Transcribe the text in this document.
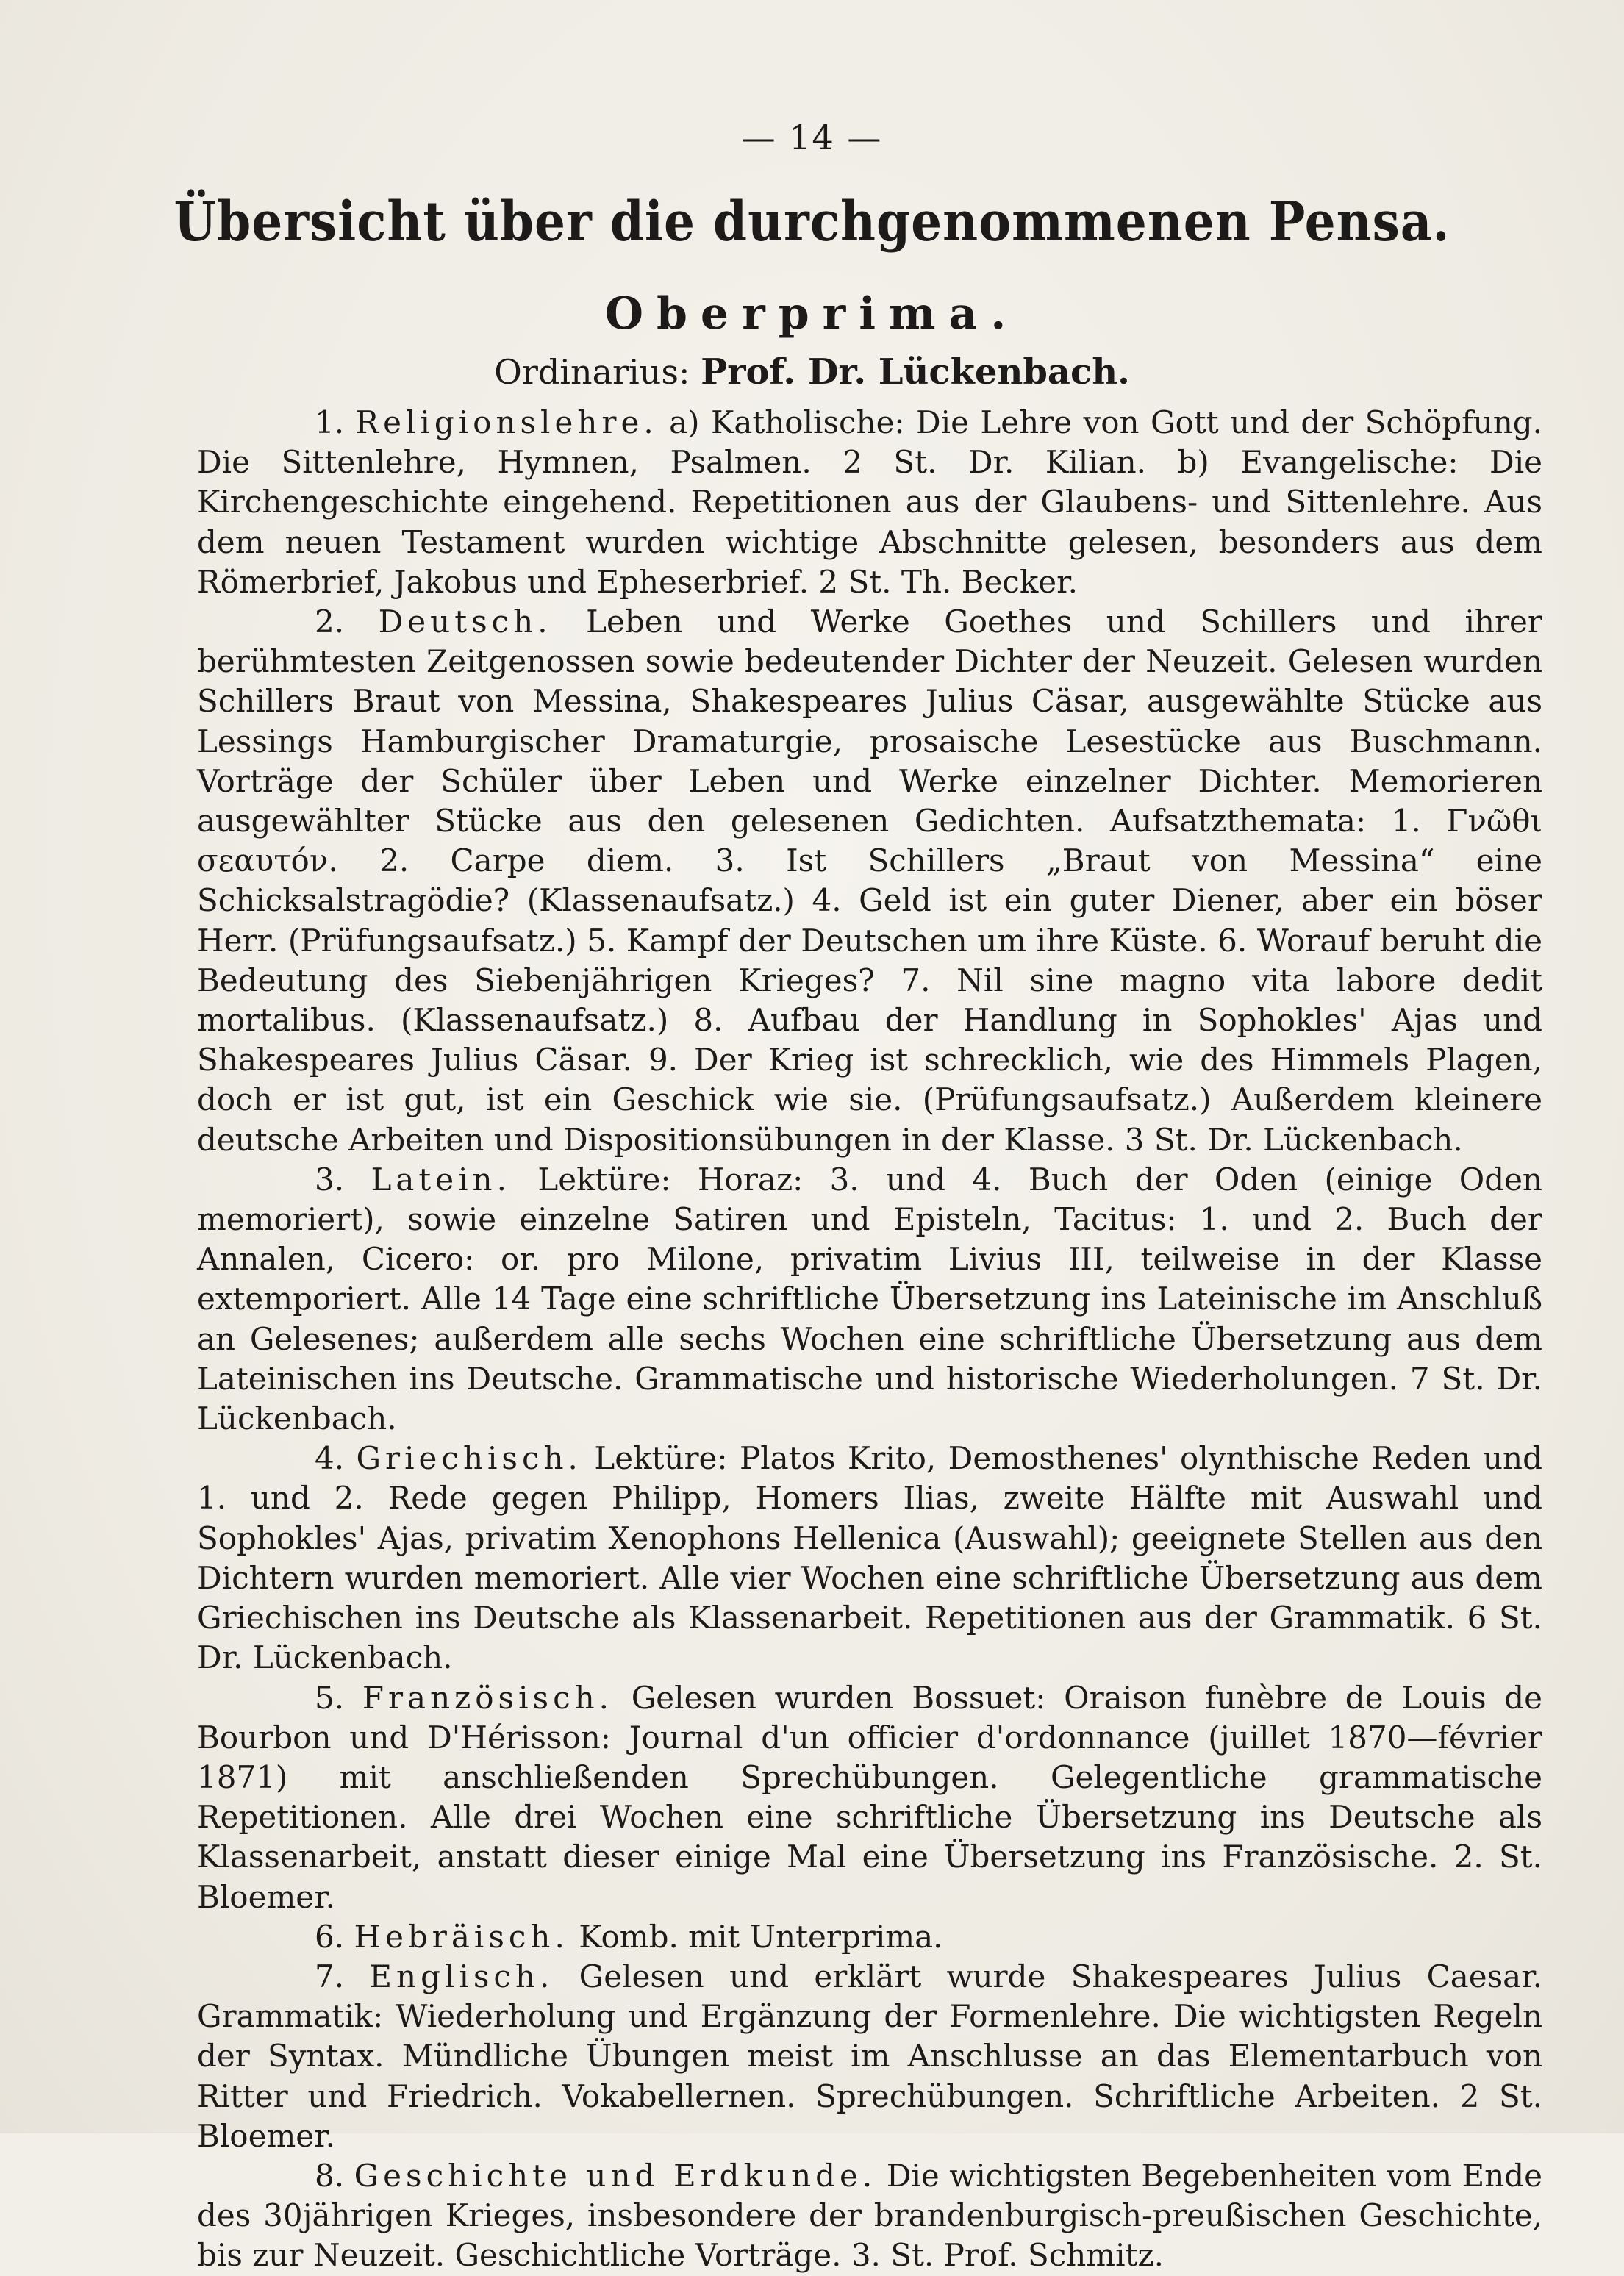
— 14 —
Übersicht über die durchgenommenen Pensa.
Oberprima.
Ordinarius: Prof. Dr. Lückenbach.

1. Religionslehre. a) Katholische: Die Lehre von Gott und der Schöpfung. Die Sittenlehre, Hymnen, Psalmen. 2 St. Dr. Kilian. b) Evangelische: Die Kirchengeschichte eingehend. Repetitionen aus der Glaubens- und Sittenlehre. Aus dem neuen Testament wurden wichtige Abschnitte gelesen, besonders aus dem Römerbrief, Jakobus und Epheserbrief. 2 St. Th. Becker.

2. Deutsch. Leben und Werke Goethes und Schillers und ihrer berühmtesten Zeitgenossen sowie bedeutender Dichter der Neuzeit. Gelesen wurden Schillers Braut von Messina, Shakespeares Julius Cäsar, ausgewählte Stücke aus Lessings Hamburgischer Dramaturgie, prosaische Lesestücke aus Buschmann. Vorträge der Schüler über Leben und Werke einzelner Dichter. Memorieren ausgewählter Stücke aus den gelesenen Gedichten. Aufsatzthemata: 1. Γνῶθι σεαυτόν. 2. Carpe diem. 3. Ist Schillers „Braut von Messina“ eine Schicksalstragödie? (Klassenaufsatz.) 4. Geld ist ein guter Diener, aber ein böser Herr. (Prüfungsaufsatz.) 5. Kampf der Deutschen um ihre Küste. 6. Worauf beruht die Bedeutung des Siebenjährigen Krieges? 7. Nil sine magno vita labore dedit mortalibus. (Klassenaufsatz.) 8. Aufbau der Handlung in Sophokles' Ajas und Shakespeares Julius Cäsar. 9. Der Krieg ist schrecklich, wie des Himmels Plagen, doch er ist gut, ist ein Geschick wie sie. (Prüfungsaufsatz.) Außerdem kleinere deutsche Arbeiten und Dispositionsübungen in der Klasse. 3 St. Dr. Lückenbach.

3. Latein. Lektüre: Horaz: 3. und 4. Buch der Oden (einige Oden memoriert), sowie einzelne Satiren und Episteln, Tacitus: 1. und 2. Buch der Annalen, Cicero: or. pro Milone, privatim Livius III, teilweise in der Klasse extemporiert. Alle 14 Tage eine schriftliche Übersetzung ins Lateinische im Anschluß an Gelesenes; außerdem alle sechs Wochen eine schriftliche Übersetzung aus dem Lateinischen ins Deutsche. Grammatische und historische Wiederholungen. 7 St. Dr. Lückenbach.

4. Griechisch. Lektüre: Platos Krito, Demosthenes' olynthische Reden und 1. und 2. Rede gegen Philipp, Homers Ilias, zweite Hälfte mit Auswahl und Sophokles' Ajas, privatim Xenophons Hellenica (Auswahl); geeignete Stellen aus den Dichtern wurden memoriert. Alle vier Wochen eine schriftliche Übersetzung aus dem Griechischen ins Deutsche als Klassenarbeit. Repetitionen aus der Grammatik. 6 St. Dr. Lückenbach.

5. Französisch. Gelesen wurden Bossuet: Oraison funèbre de Louis de Bourbon und D'Hérisson: Journal d'un officier d'ordonnance (juillet 1870—février 1871) mit anschließenden Sprechübungen. Gelegentliche grammatische Repetitionen. Alle drei Wochen eine schriftliche Übersetzung ins Deutsche als Klassenarbeit, anstatt dieser einige Mal eine Übersetzung ins Französische. 2. St. Bloemer.

6. Hebräisch. Komb. mit Unterprima.

7. Englisch. Gelesen und erklärt wurde Shakespeares Julius Caesar. Grammatik: Wiederholung und Ergänzung der Formenlehre. Die wichtigsten Regeln der Syntax. Mündliche Übungen meist im Anschlusse an das Elementarbuch von Ritter und Friedrich. Vokabellernen. Sprechübungen. Schriftliche Arbeiten. 2 St. Bloemer.

8. Geschichte und Erdkunde. Die wichtigsten Begebenheiten vom Ende des 30jährigen Krieges, insbesondere der brandenburgisch-preußischen Geschichte, bis zur Neuzeit. Geschichtliche Vorträge. 3. St. Prof. Schmitz.
